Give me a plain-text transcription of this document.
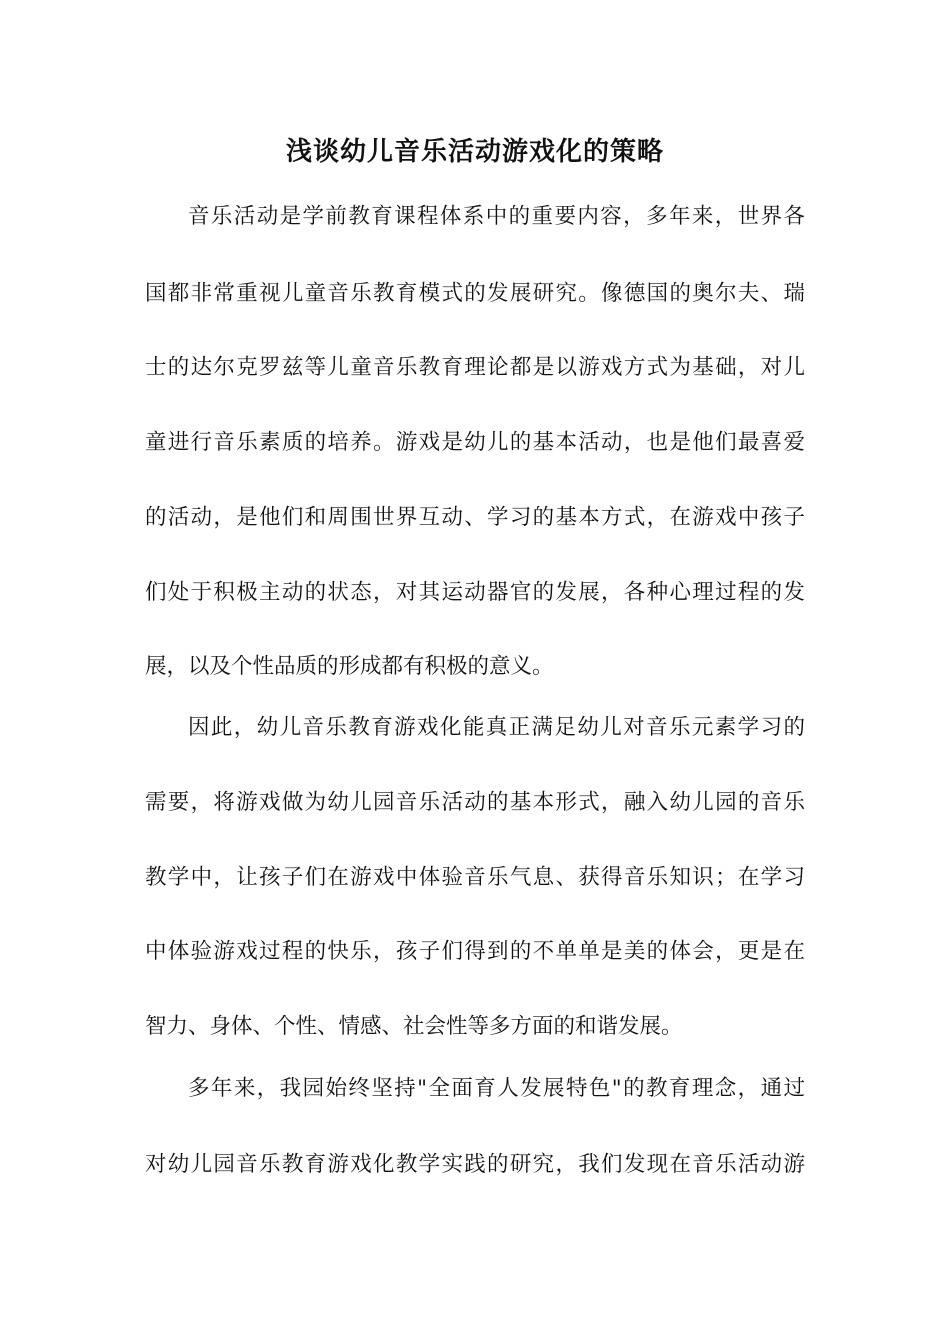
浅谈幼儿音乐活动游戏化的策略
音乐活动是学前教育课程体系中的重要内容，多年来，世界各
国都非常重视儿童音乐教育模式的发展研究。像德国的奥尔夫、瑞
士的达尔克罗兹等儿童音乐教育理论都是以游戏方式为基础，对儿
童进行音乐素质的培养。游戏是幼儿的基本活动，也是他们最喜爱
的活动，是他们和周围世界互动、学习的基本方式，在游戏中孩子
们处于积极主动的状态，对其运动器官的发展，各种心理过程的发
展，以及个性品质的形成都有积极的意义。
因此，幼儿音乐教育游戏化能真正满足幼儿对音乐元素学习的
需要，将游戏做为幼儿园音乐活动的基本形式，融入幼儿园的音乐
教学中，让孩子们在游戏中体验音乐气息、获得音乐知识；在学习
中体验游戏过程的快乐，孩子们得到的不单单是美的体会，更是在
智力、身体、个性、情感、社会性等多方面的和谐发展。
多年来，我园始终坚持"全面育人发展特色"的教育理念，通过
对幼儿园音乐教育游戏化教学实践的研究，我们发现在音乐活动游
